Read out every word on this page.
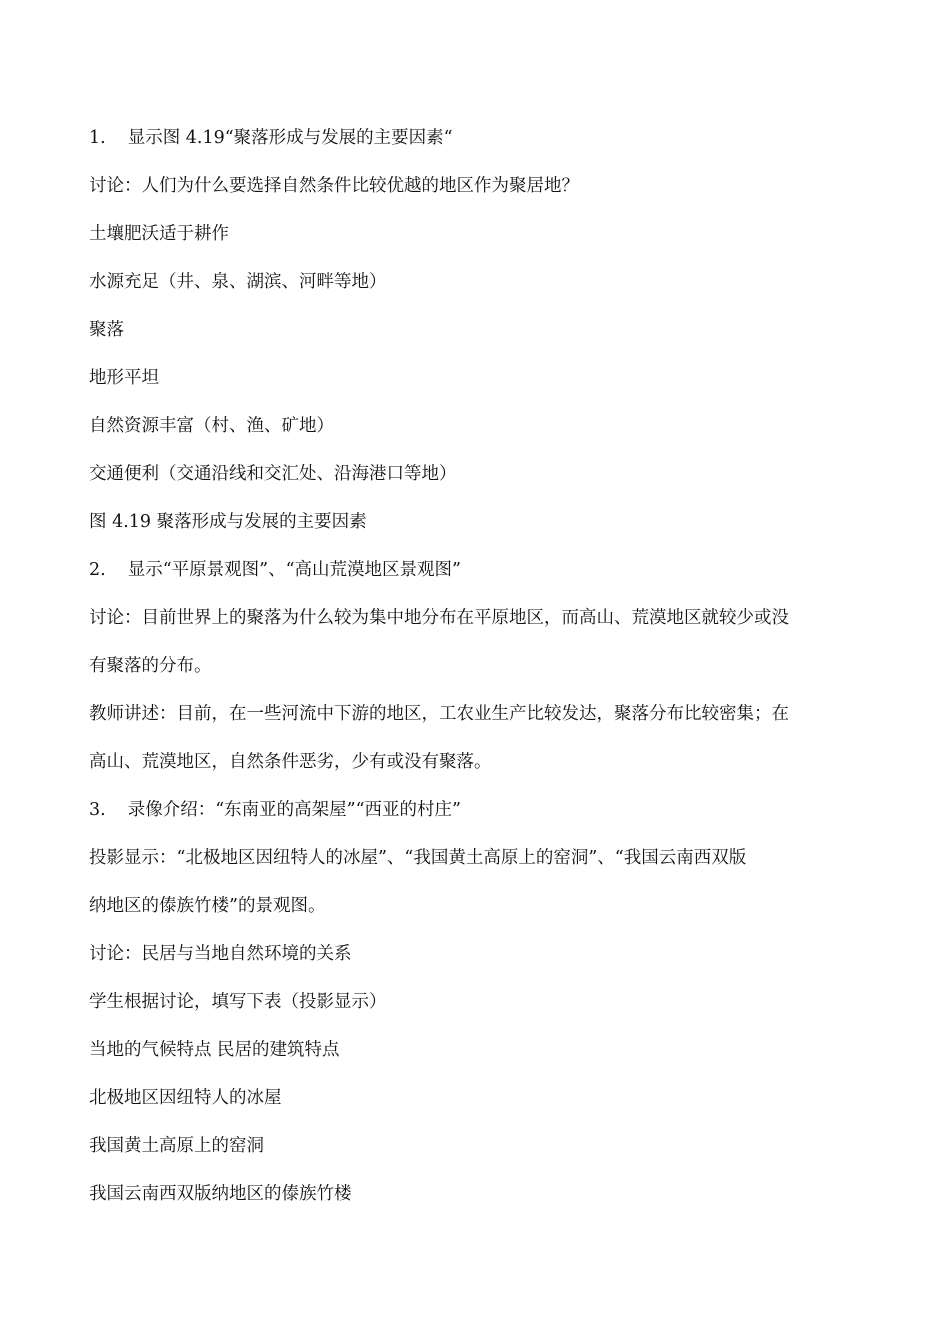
1. 显示图 4.19“聚落形成与发展的主要因素“
讨论：人们为什么要选择自然条件比较优越的地区作为聚居地？
土壤肥沃适于耕作
水源充足（井、泉、湖滨、河畔等地）
聚落
地形平坦
自然资源丰富（村、渔、矿地）
交通便利（交通沿线和交汇处、沿海港口等地）
图 4.19 聚落形成与发展的主要因素
2. 显示“平原景观图”、“高山荒漠地区景观图”
讨论：目前世界上的聚落为什么较为集中地分布在平原地区，而高山、荒漠地区就较少或没
有聚落的分布。
教师讲述：目前，在一些河流中下游的地区，工农业生产比较发达，聚落分布比较密集；在
高山、荒漠地区，自然条件恶劣，少有或没有聚落。
3. 录像介绍：“东南亚的高架屋”“西亚的村庄”
投影显示：“北极地区因纽特人的冰屋”、“我国黄土高原上的窑洞”、“我国云南西双版
纳地区的傣族竹楼”的景观图。
讨论：民居与当地自然环境的关系
学生根据讨论，填写下表（投影显示）
当地的气候特点 民居的建筑特点
北极地区因纽特人的冰屋
我国黄土高原上的窑洞
我国云南西双版纳地区的傣族竹楼
